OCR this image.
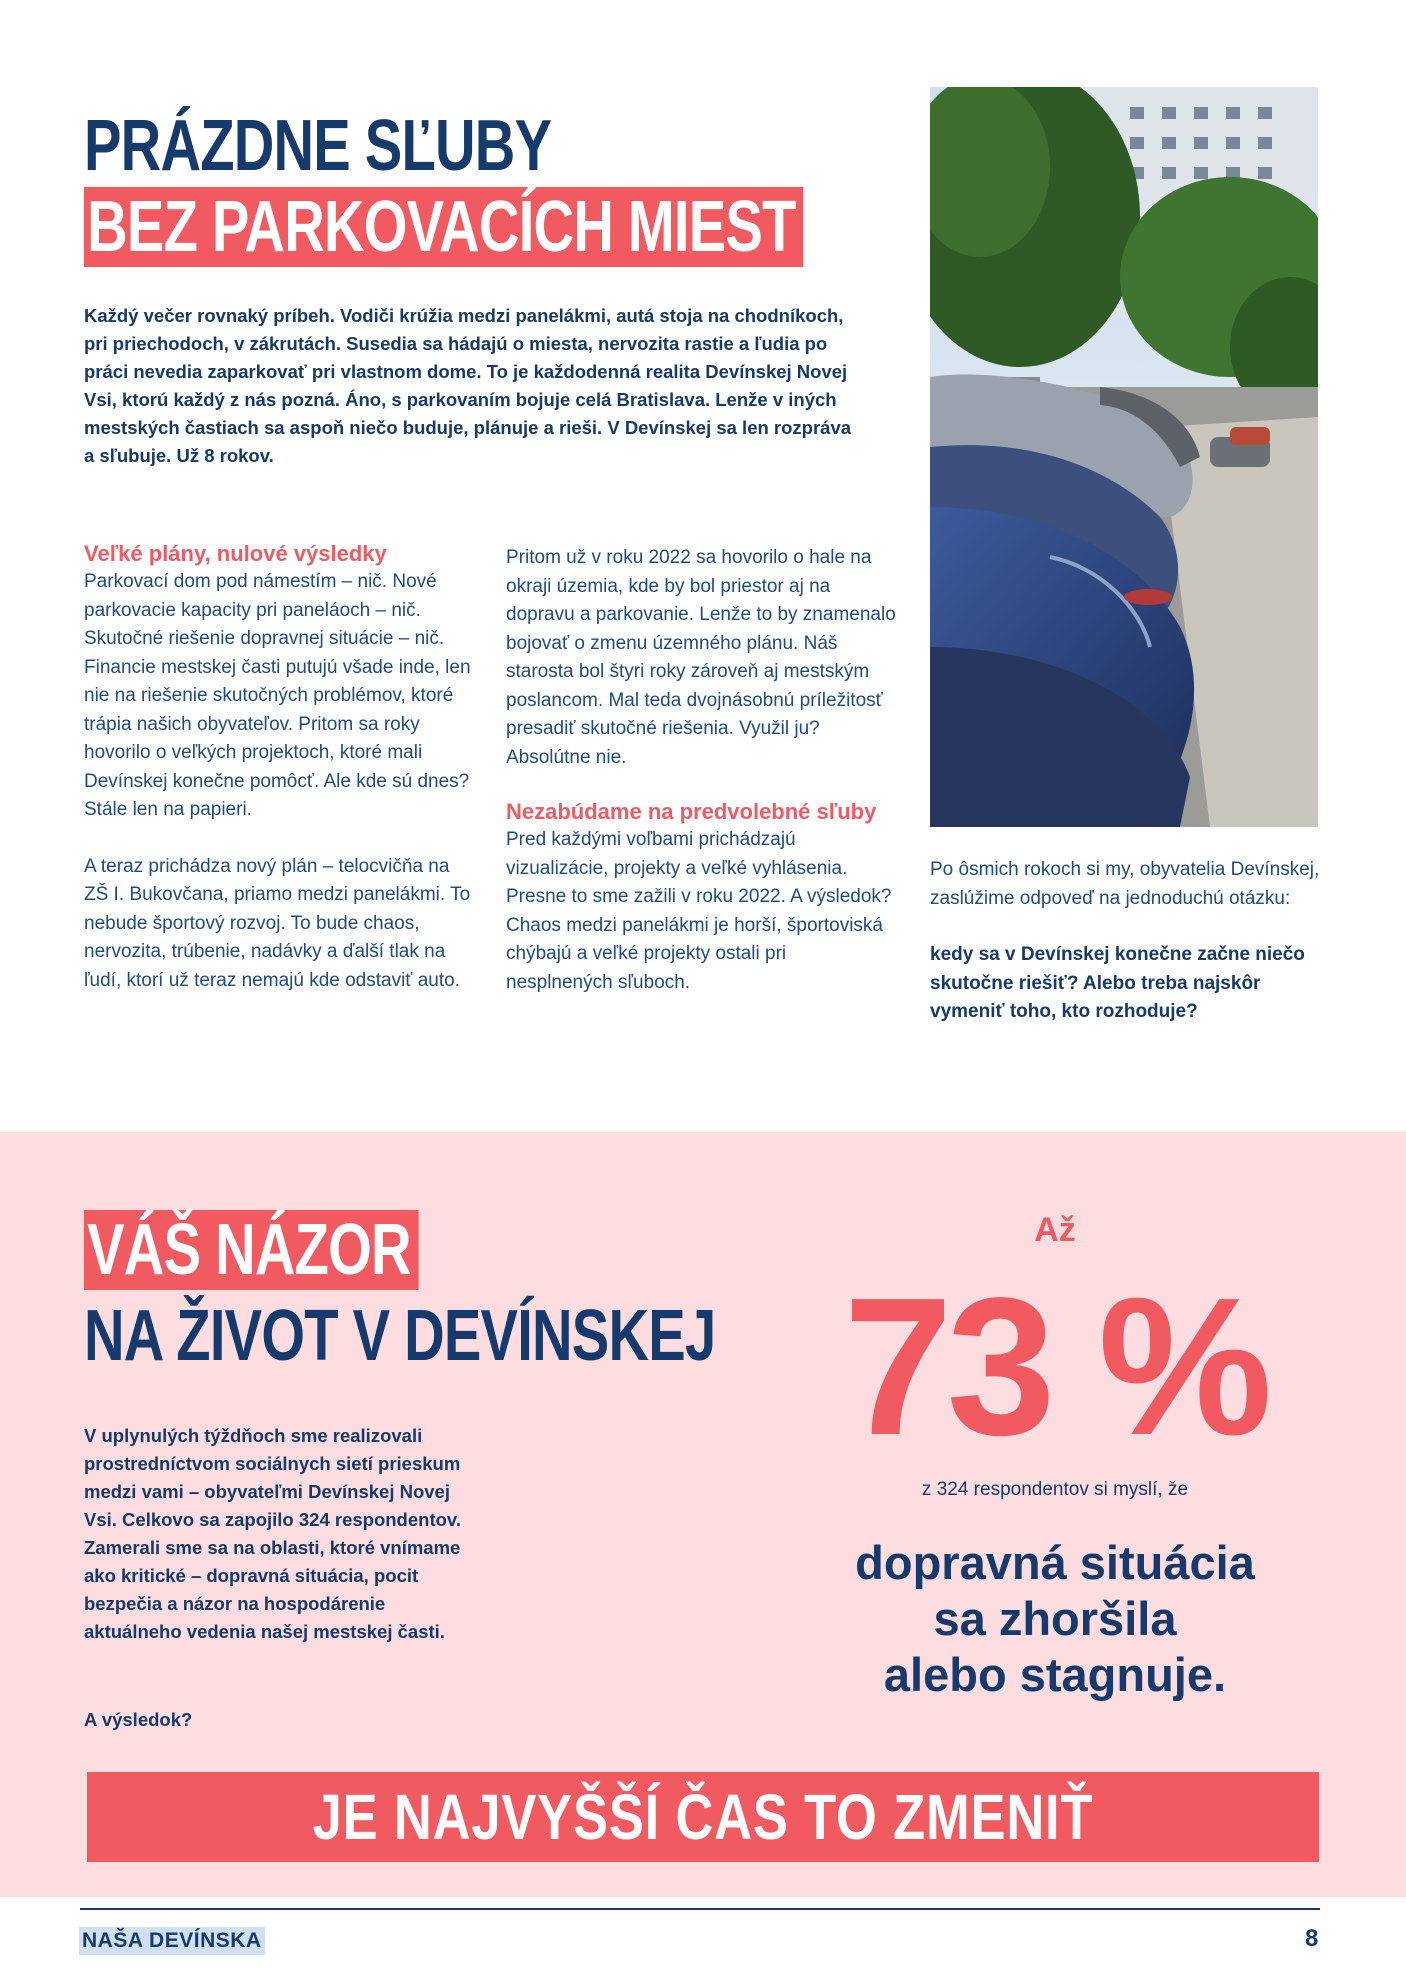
PRÁZDNE SĽUBY
BEZ PARKOVACÍCH MIEST

Každý večer rovnaký príbeh. Vodiči krúžia medzi panelákmi, autá stoja na chodníkoch, pri priechodoch, v zákrutách. Susedia sa hádajú o miesta, nervozita rastie a ľudia po práci nevedia zaparkovať pri vlastnom dome. To je každodenná realita Devínskej Novej Vsi, ktorú každý z nás pozná. Áno, s parkovaním bojuje celá Bratislava. Lenže v iných mestských častiach sa aspoň niečo buduje, plánuje a rieši. V Devínskej sa len rozpráva a sľubuje. Už 8 rokov.

Veľké plány, nulové výsledky

Parkovací dom pod námestím – nič. Nové parkovacie kapacity pri paneláoch – nič. Skutočné riešenie dopravnej situácie – nič. Financie mestskej časti putujú všade inde, len nie na riešenie skutočných problémov, ktoré trápia našich obyvateľov. Pritom sa roky hovorilo o veľkých projektoch, ktoré mali Devínskej konečne pomôcť. Ale kde sú dnes? Stále len na papieri.

A teraz prichádza nový plán – telocvičňa na ZŠ I. Bukovčana, priamo medzi panelákmi. To nebude športový rozvoj. To bude chaos, nervozita, trúbenie, nadávky a ďalší tlak na ľudí, ktorí už teraz nemajú kde odstaviť auto.

Pritom už v roku 2022 sa hovorilo o hale na okraji územia, kde by bol priestor aj na dopravu a parkovanie. Lenže to by znamenalo bojovať o zmenu územného plánu. Náš starosta bol štyri roky zároveň aj mestským poslancom. Mal teda dvojnásobnú príležitosť presadiť skutočné riešenia. Využil ju? Absolútne nie.

Nezabúdame na predvolebné sľuby

Pred každými voľbami prichádzajú vizualizácie, projekty a veľké vyhlásenia. Presne to sme zažili v roku 2022. A výsledok? Chaos medzi panelákmi je horší, športoviská chýbajú a veľké projekty ostali pri nesplnených sľuboch.

Po ôsmich rokoch si my, obyvatelia Devínskej, zaslúžime odpoveď na jednoduchú otázku:

kedy sa v Devínskej konečne začne niečo skutočne riešiť? Alebo treba najskôr vymeniť toho, kto rozhoduje?

VÁŠ NÁZOR
NA ŽIVOT V DEVÍNSKEJ

V uplynulých týždňoch sme realizovali prostredníctvom sociálnych sietí prieskum medzi vami – obyvateľmi Devínskej Novej Vsi. Celkovo sa zapojilo 324 respondentov. Zamerali sme sa na oblasti, ktoré vnímame ako kritické – dopravná situácia, pocit bezpečia a názor na hospodárenie aktuálneho vedenia našej mestskej časti.

A výsledok?

Až
73 %
z 324 respondentov si myslí, že
dopravná situácia
sa zhoršila
alebo stagnuje.
JE NAJVYŠŠÍ ČAS TO ZMENIŤ
NAŠA DEVÍNSKA	8
